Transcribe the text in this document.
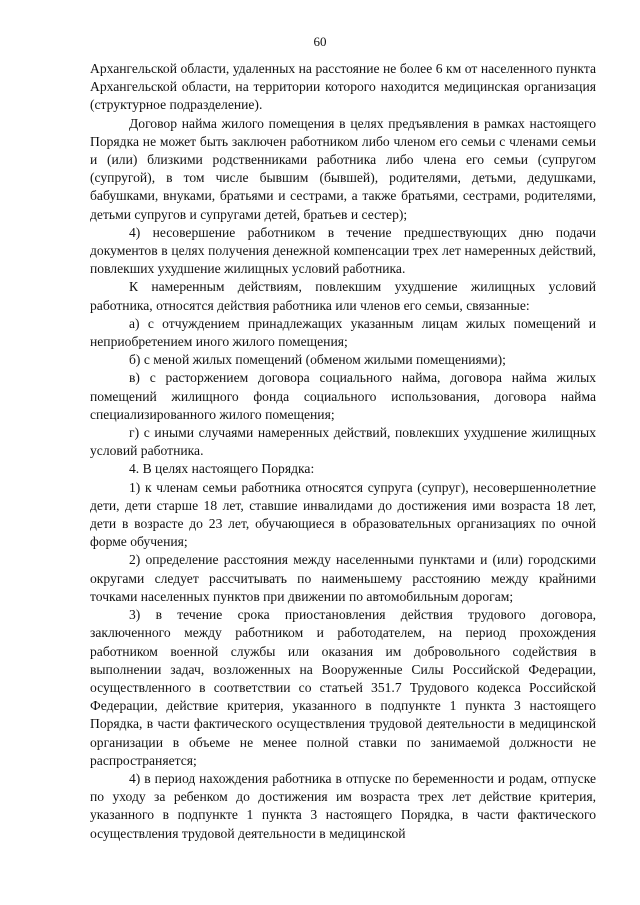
60

Архангельской области, удаленных на расстояние не более 6 км от населенного пункта Архангельской области, на территории которого находится медицинская организация (структурное подразделение).

Договор найма жилого помещения в целях предъявления в рамках настоящего Порядка не может быть заключен работником либо членом его семьи с членами семьи и (или) близкими родственниками работника либо члена его семьи (супругом (супругой), в том числе бывшим (бывшей), родителями, детьми, дедушками, бабушками, внуками, братьями и сестрами, а также братьями, сестрами, родителями, детьми супругов и супругами детей, братьев и сестер);

4) несовершение работником в течение предшествующих дню подачи документов в целях получения денежной компенсации трех лет намеренных действий, повлекших ухудшение жилищных условий работника.

К намеренным действиям, повлекшим ухудшение жилищных условий работника, относятся действия работника или членов его семьи, связанные:

а) с отчуждением принадлежащих указанным лицам жилых помещений и неприобретением иного жилого помещения;

б) с меной жилых помещений (обменом жилыми помещениями);

в) с расторжением договора социального найма, договора найма жилых помещений жилищного фонда социального использования, договора найма специализированного жилого помещения;

г) с иными случаями намеренных действий, повлекших ухудшение жилищных условий работника.

4. В целях настоящего Порядка:

1) к членам семьи работника относятся супруга (супруг), несовершеннолетние дети, дети старше 18 лет, ставшие инвалидами до достижения ими возраста 18 лет, дети в возрасте до 23 лет, обучающиеся в образовательных организациях по очной форме обучения;

2) определение расстояния между населенными пунктами и (или) городскими округами следует рассчитывать по наименьшему расстоянию между крайними точками населенных пунктов при движении по автомобильным дорогам;

3) в течение срока приостановления действия трудового договора, заключенного между работником и работодателем, на период прохождения работником военной службы или оказания им добровольного содействия в выполнении задач, возложенных на Вооруженные Силы Российской Федерации, осуществленного в соответствии со статьей 351.7 Трудового кодекса Российской Федерации, действие критерия, указанного в подпункте 1 пункта 3 настоящего Порядка, в части фактического осуществления трудовой деятельности в медицинской организации в объеме не менее полной ставки по занимаемой должности не распространяется;

4) в период нахождения работника в отпуске по беременности и родам, отпуске по уходу за ребенком до достижения им возраста трех лет действие критерия, указанного в подпункте 1 пункта 3 настоящего Порядка, в части фактического осуществления трудовой деятельности в медицинской
